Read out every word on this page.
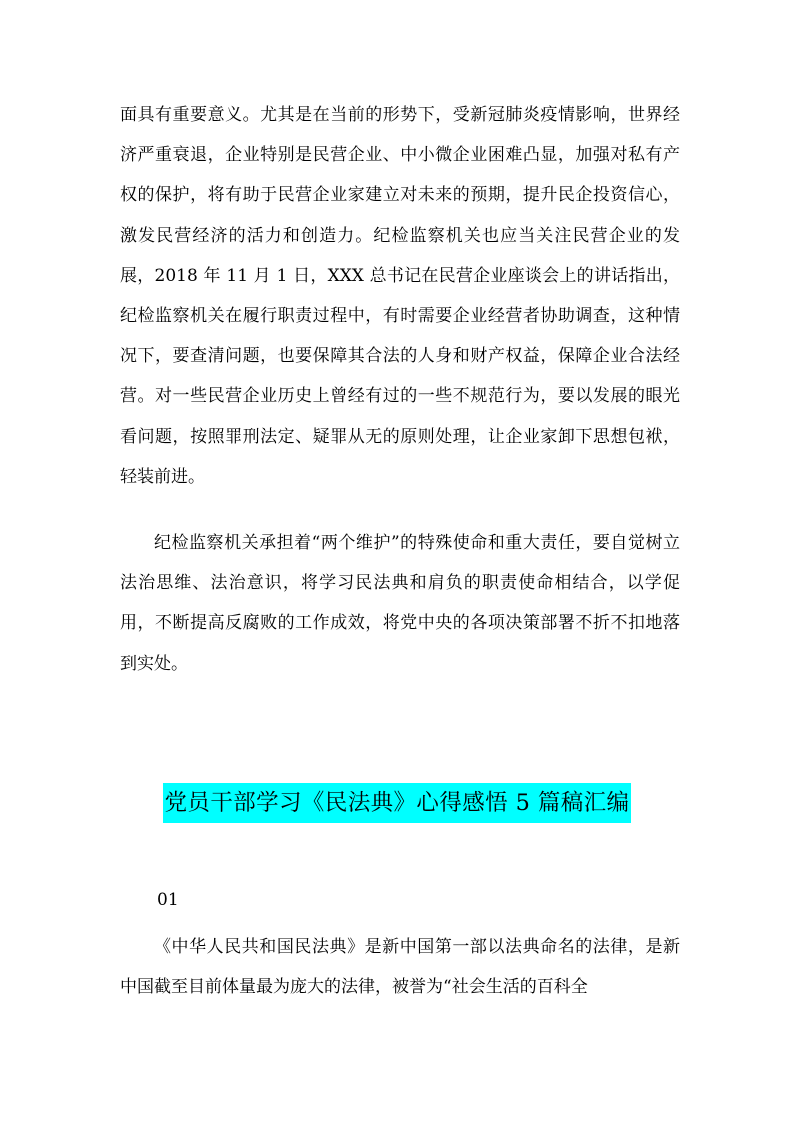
面具有重要意义。尤其是在当前的形势下，受新冠肺炎疫情影响，世界经济严重衰退，企业特别是民营企业、中小微企业困难凸显，加强对私有产权的保护，将有助于民营企业家建立对未来的预期，提升民企投资信心，激发民营经济的活力和创造力。纪检监察机关也应当关注民营企业的发展，2018 年 11 月 1 日，XXX 总书记在民营企业座谈会上的讲话指出，纪检监察机关在履行职责过程中，有时需要企业经营者协助调查，这种情况下，要查清问题，也要保障其合法的人身和财产权益，保障企业合法经营。对一些民营企业历史上曾经有过的一些不规范行为，要以发展的眼光看问题，按照罪刑法定、疑罪从无的原则处理，让企业家卸下思想包袱，轻装前进。

纪检监察机关承担着“两个维护”的特殊使命和重大责任，要自觉树立法治思维、法治意识，将学习民法典和肩负的职责使命相结合，以学促用，不断提高反腐败的工作成效，将党中央的各项决策部署不折不扣地落到实处。

党员干部学习《民法典》心得感悟 5 篇稿汇编
01

《中华人民共和国民法典》是新中国第一部以法典命名的法律，是新中国截至目前体量最为庞大的法律，被誉为“社会生活的百科全
